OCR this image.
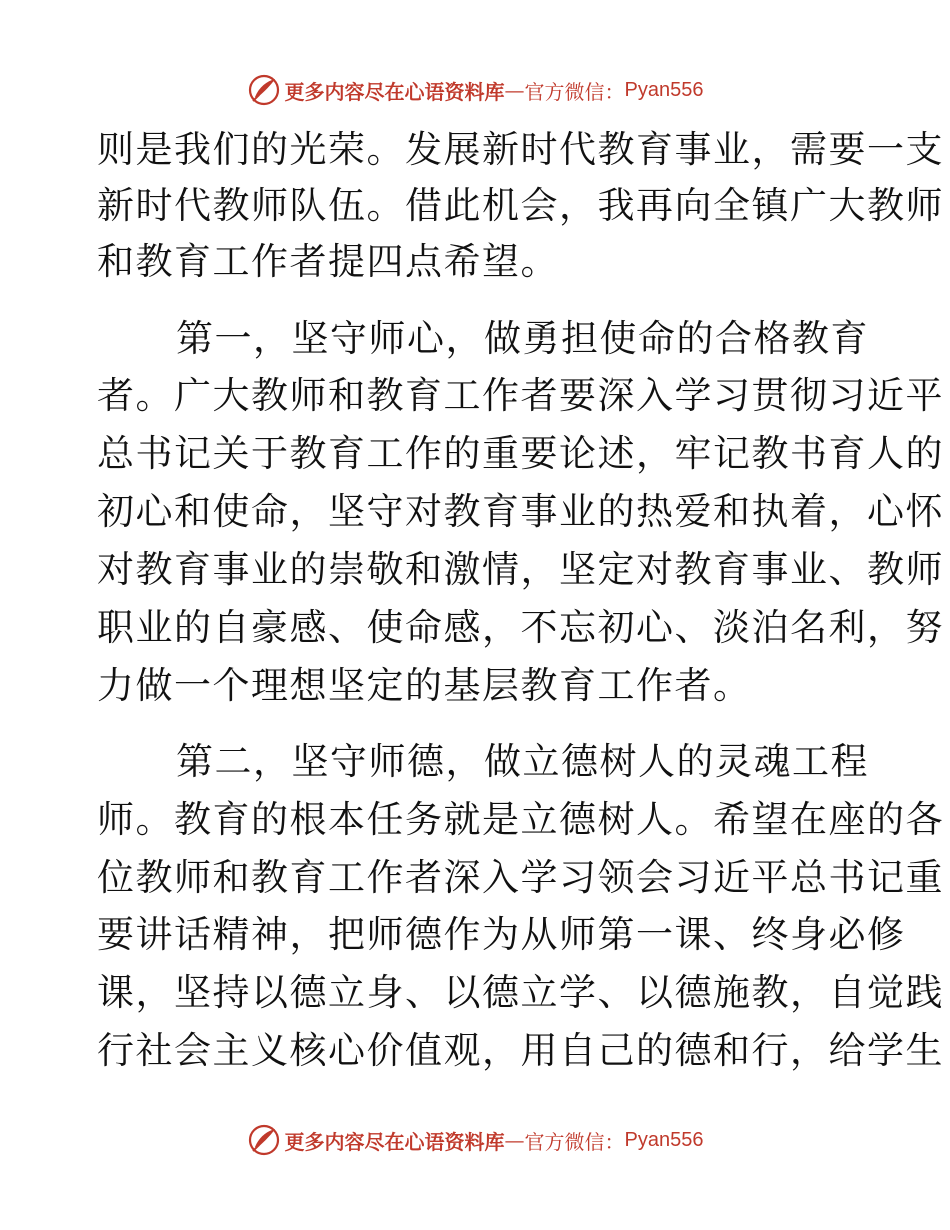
更多内容尽在心语资料库 — 官方微信： Pyan556
则是我们的光荣。发展新时代教育事业，需要一支
新时代教师队伍。借此机会，我再向全镇广大教师
和教育工作者提四点希望。
第一，坚守师心，做勇担使命的合格教育
者。广大教师和教育工作者要深入学习贯彻习近平
总书记关于教育工作的重要论述，牢记教书育人的
初心和使命，坚守对教育事业的热爱和执着，心怀
对教育事业的崇敬和激情，坚定对教育事业、教师
职业的自豪感、使命感，不忘初心、淡泊名利，努
力做一个理想坚定的基层教育工作者。
第二，坚守师德，做立德树人的灵魂工程
师。教育的根本任务就是立德树人。希望在座的各
位教师和教育工作者深入学习领会习近平总书记重
要讲话精神，把师德作为从师第一课、终身必修
课，坚持以德立身、以德立学、以德施教，自觉践
行社会主义核心价值观，用自己的德和行，给学生
更多内容尽在心语资料库 — 官方微信： Pyan556
